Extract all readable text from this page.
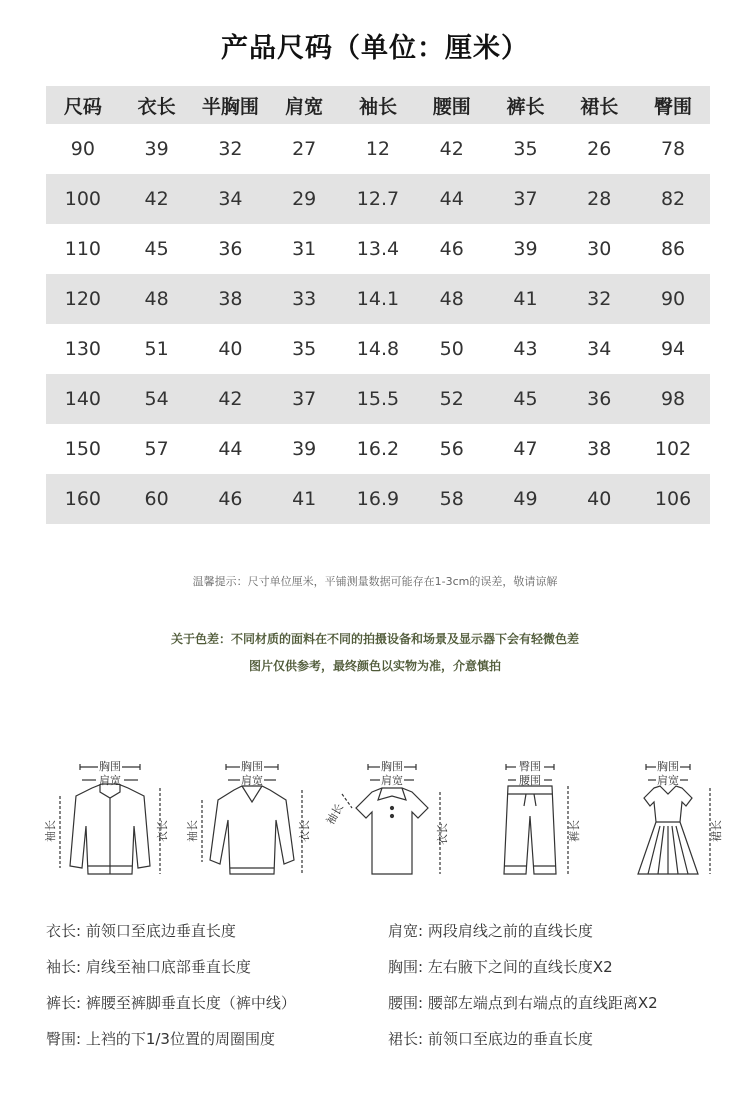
产品尺码（单位：厘米）
尺码	衣长	半胸围	肩宽	袖长	腰围	裤长	裙长	臀围
90	39	32	27	12	42	35	26	78
100	42	34	29	12.7	44	37	28	82
110	45	36	31	13.4	46	39	30	86
120	48	38	33	14.1	48	41	32	90
130	51	40	35	14.8	50	43	34	94
140	54	42	37	15.5	52	45	36	98
150	57	44	39	16.2	56	47	38	102
160	60	46	41	16.9	58	49	40	106
温馨提示：尺寸单位厘米，平铺测量数据可能存在1-3cm的误差，敬请谅解
关于色差：不同材质的面料在不同的拍摄设备和场景及显示器下会有轻微色差
图片仅供参考，最终颜色以实物为准，介意慎拍
胸围
肩宽
袖长	衣长
胸围
肩宽
袖长	衣长
胸围
肩宽
袖长
衣长
臀围
腰围
裤长
胸围
肩宽
裙长
衣长: 前领口至底边垂直长度	肩宽: 两段肩线之前的直线长度
袖长: 肩线至袖口底部垂直长度	胸围: 左右腋下之间的直线长度X2
裤长: 裤腰至裤脚垂直长度（裤中线）	腰围: 腰部左端点到右端点的直线距离X2
臀围: 上裆的下1/3位置的周圈围度	裙长: 前领口至底边的垂直长度
